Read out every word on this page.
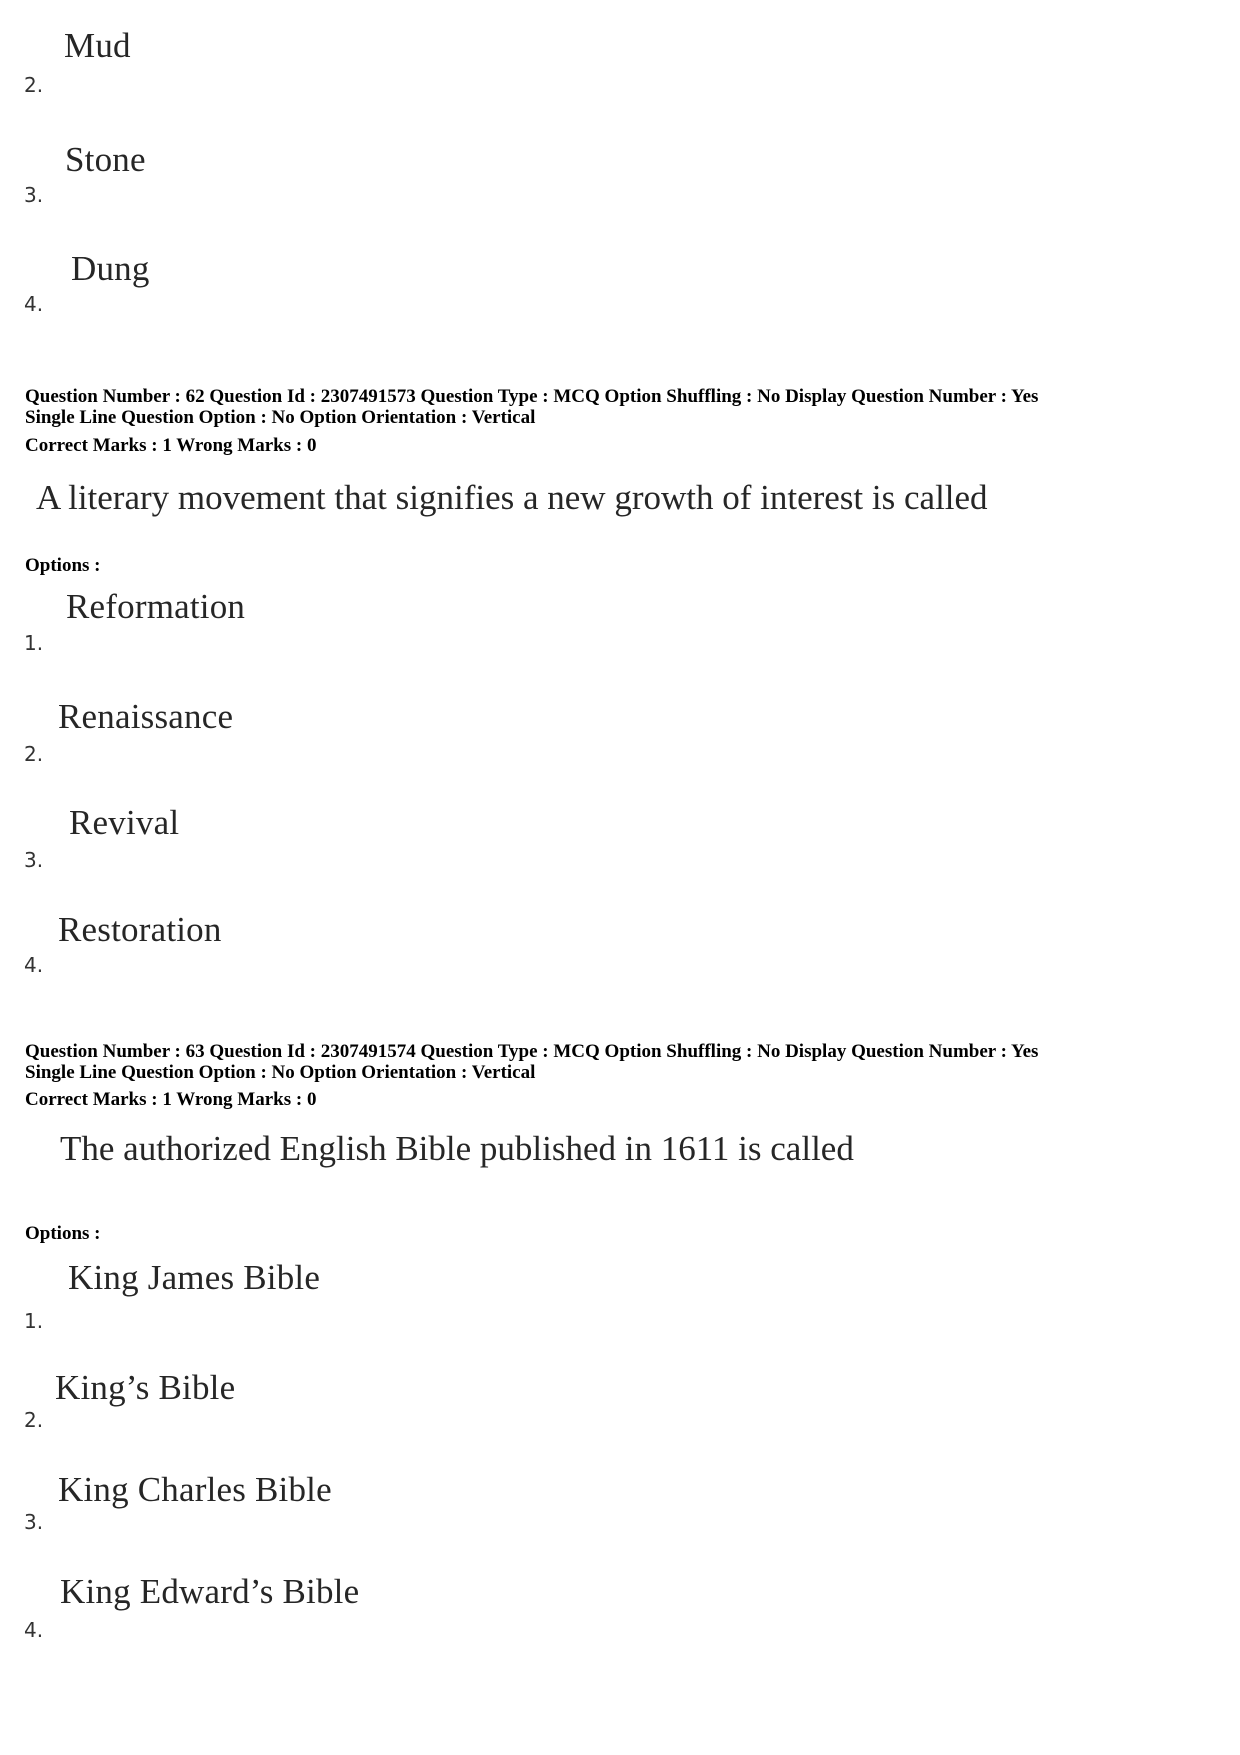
Mud
2.
Stone
3.
Dung
4.
Question Number : 62 Question Id : 2307491573 Question Type : MCQ Option Shuffling : No Display Question Number : Yes
Single Line Question Option : No Option Orientation : Vertical
Correct Marks : 1 Wrong Marks : 0
A literary movement that signifies a new growth of interest is called
Options :
Reformation
1.
Renaissance
2.
Revival
3.
Restoration
4.
Question Number : 63 Question Id : 2307491574 Question Type : MCQ Option Shuffling : No Display Question Number : Yes
Single Line Question Option : No Option Orientation : Vertical
Correct Marks : 1 Wrong Marks : 0
The authorized English Bible published in 1611 is called
Options :
King James Bible
1.
King’s Bible
2.
King Charles Bible
3.
King Edward’s Bible
4.
